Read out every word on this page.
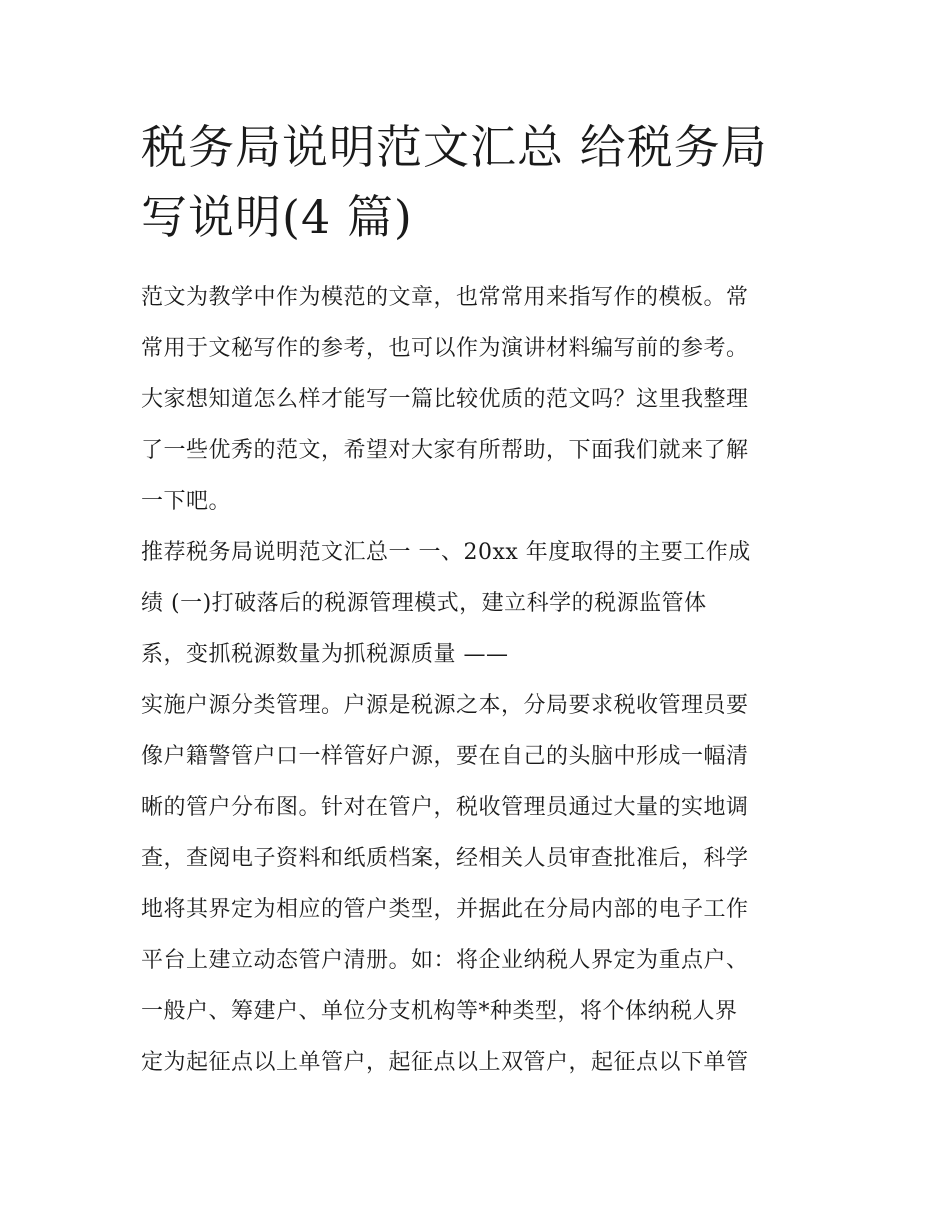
税务局说明范文汇总 给税务局
写说明(4 篇)
范文为教学中作为模范的文章，也常常用来指写作的模板。常
常用于文秘写作的参考，也可以作为演讲材料编写前的参考。
大家想知道怎么样才能写一篇比较优质的范文吗？这里我整理
了一些优秀的范文，希望对大家有所帮助，下面我们就来了解
一下吧。
推荐税务局说明范文汇总一 一、20xx 年度取得的主要工作成
绩 (一)打破落后的税源管理模式，建立科学的税源监管体
系，变抓税源数量为抓税源质量 ——
实施户源分类管理。户源是税源之本，分局要求税收管理员要
像户籍警管户口一样管好户源，要在自己的头脑中形成一幅清
晰的管户分布图。针对在管户，税收管理员通过大量的实地调
查，查阅电子资料和纸质档案，经相关人员审查批准后，科学
地将其界定为相应的管户类型，并据此在分局内部的电子工作
平台上建立动态管户清册。如：将企业纳税人界定为重点户、
一般户、筹建户、单位分支机构等*种类型，将个体纳税人界
定为起征点以上单管户，起征点以上双管户，起征点以下单管
